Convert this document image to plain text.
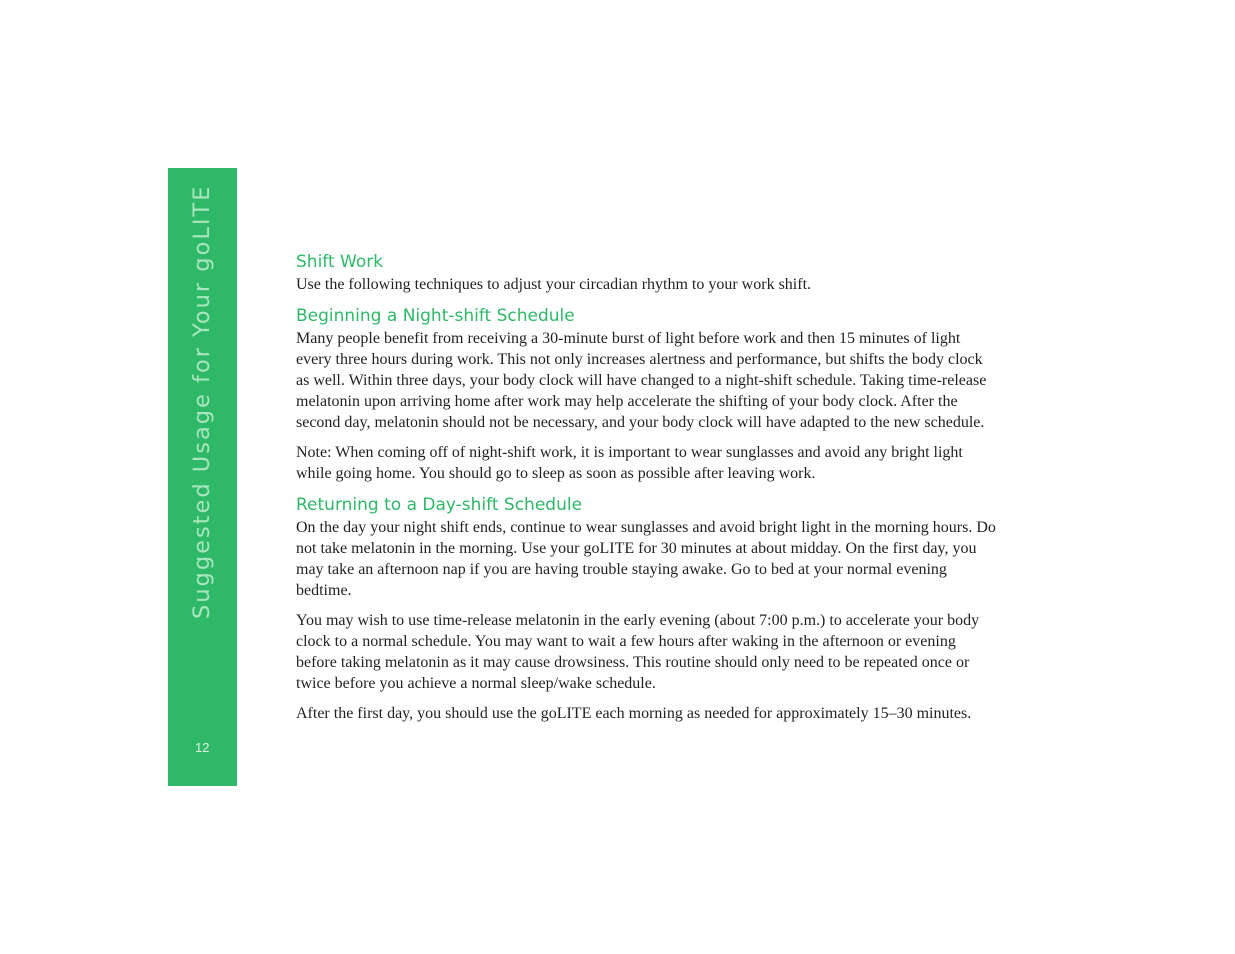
Suggested Usage for Your goLITE
12
Shift Work

Use the following techniques to adjust your circadian rhythm to your work shift.

Beginning a Night-shift Schedule

Many people benefit from receiving a 30-minute burst of light before work and then 15 minutes of light every three hours during work. This not only increases alertness and performance, but shifts the body clock as well. Within three days, your body clock will have changed to a night-shift schedule. Taking time-release melatonin upon arriving home after work may help accelerate the shifting of your body clock. After the second day, melatonin should not be necessary, and your body clock will have adapted to the new schedule.

Note: When coming off of night-shift work, it is important to wear sunglasses and avoid any bright light while going home. You should go to sleep as soon as possible after leaving work.

Returning to a Day-shift Schedule

On the day your night shift ends, continue to wear sunglasses and avoid bright light in the morning hours. Do not take melatonin in the morning. Use your goLITE for 30 minutes at about midday. On the first day, you may take an afternoon nap if you are having trouble staying awake. Go to bed at your normal evening bedtime.

You may wish to use time-release melatonin in the early evening (about 7:00 p.m.) to accelerate your body clock to a normal schedule. You may want to wait a few hours after waking in the afternoon or evening before taking melatonin as it may cause drowsiness. This routine should only need to be repeated once or twice before you achieve a normal sleep/wake schedule.

After the first day, you should use the goLITE each morning as needed for approximately 15–30 minutes.
